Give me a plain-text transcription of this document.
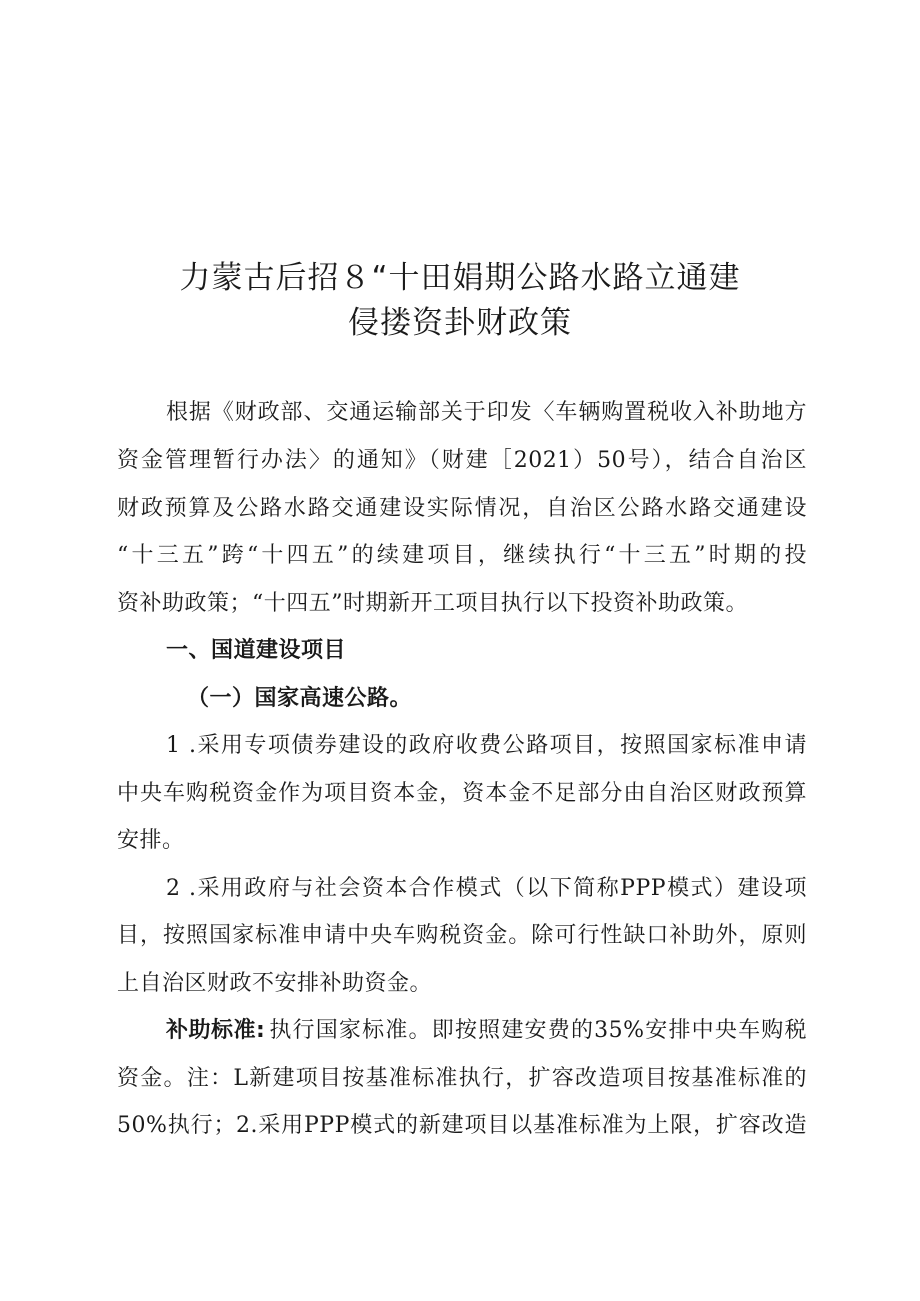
力蒙古后招８“十田娟期公路水路立通建
侵搂资卦财政策
根据《财政部、交通运输部关于印发〈车辆购置税收入补助地方
资金管理暂行办法〉的通知》（财建［2021）50号），结合自治区
财政预算及公路水路交通建设实际情况，自治区公路水路交通建设
“十三五”跨“十四五”的续建项目，继续执行“十三五”时期的投
资补助政策；“十四五”时期新开工项目执行以下投资补助政策。
一、国道建设项目
（一）国家高速公路。
1 .采用专项债券建设的政府收费公路项目，按照国家标准申请
中央车购税资金作为项目资本金，资本金不足部分由自治区财政预算
安排。
2 .采用政府与社会资本合作模式（以下简称PPP模式）建设项
目，按照国家标准申请中央车购税资金。除可行性缺口补助外，原则
上自治区财政不安排补助资金。
补助标准: 执行国家标准。即按照建安费的35%安排中央车购税
资金。注：L新建项目按基准标准执行，扩容改造项目按基准标准的
50%执行；2.采用PPP模式的新建项目以基准标准为上限，扩容改造
